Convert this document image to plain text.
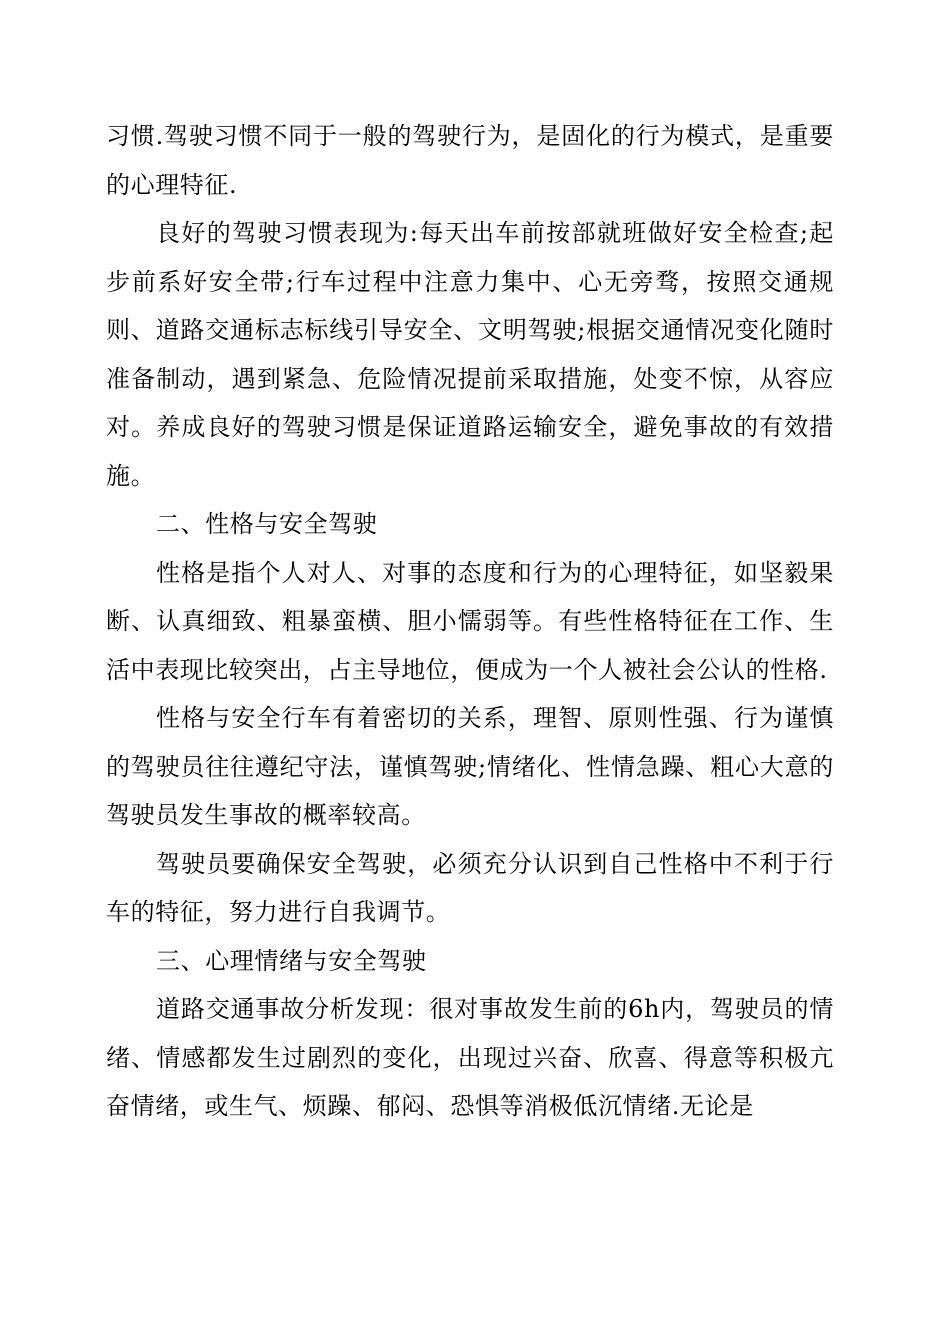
习惯.驾驶习惯不同于一般的驾驶行为，是固化的行为模式，是重要的心理特征.

良好的驾驶习惯表现为:每天出车前按部就班做好安全检查;起步前系好安全带;行车过程中注意力集中、心无旁骛，按照交通规则、道路交通标志标线引导安全、文明驾驶;根据交通情况变化随时准备制动，遇到紧急、危险情况提前采取措施，处变不惊，从容应对。养成良好的驾驶习惯是保证道路运输安全，避免事故的有效措施。

二、性格与安全驾驶

性格是指个人对人、对事的态度和行为的心理特征，如坚毅果断、认真细致、粗暴蛮横、胆小懦弱等。有些性格特征在工作、生活中表现比较突出，占主导地位，便成为一个人被社会公认的性格.

性格与安全行车有着密切的关系，理智、原则性强、行为谨慎的驾驶员往往遵纪守法，谨慎驾驶;情绪化、性情急躁、粗心大意的驾驶员发生事故的概率较高。

驾驶员要确保安全驾驶，必须充分认识到自己性格中不利于行车的特征，努力进行自我调节。

三、心理情绪与安全驾驶

道路交通事故分析发现：很对事故发生前的6h内，驾驶员的情绪、情感都发生过剧烈的变化，出现过兴奋、欣喜、得意等积极亢奋情绪，或生气、烦躁、郁闷、恐惧等消极低沉情绪.无论是
